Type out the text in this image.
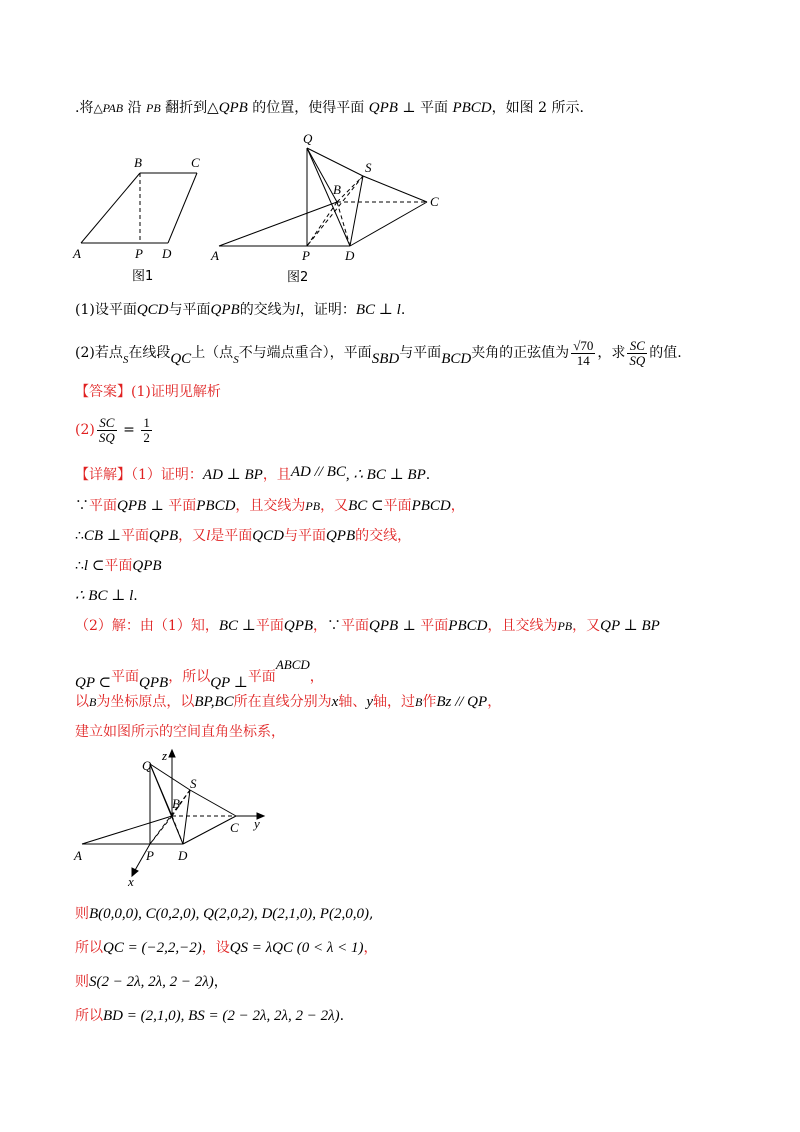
.将△PAB 沿 PB 翻折到△QPB 的位置，使得平面 QPB ⊥ 平面 PBCD，如图 2 所示.
A
B	C
P D
图1
Q
S
B
C
A	P	D
图2
(1)设平面QCD与平面QPB的交线为l，证明：BC ⊥ l.
(2)若点$_S$在线段QC上（点$_S$不与端点重合），平面SBD与平面BCD夹角的正弦值为 $\frac{√70}{14}$ ，求 $\frac{SC}{SQ}$ 的值.
【答案】(1)证明见解析
$(2) \frac{SC}{SQ} = \frac{1}{2}$
【详解】（1）证明：AD ⊥ BP，且AD // BC, ∴ BC ⊥ BP.
∵平面QPB ⊥ 平面PBCD，且交线为PB，又BC ⊂平面PBCD，
∴CB ⊥平面QPB，又l是平面QCD与平面QPB的交线，
∴l ⊂平面QPB
∴ BC ⊥ l.
（2）解：由（1）知，BC ⊥平面QPB，∵平面QPB ⊥ 平面PBCD，且交线为PB，又QP ⊥ BP
QP ⊂平面QPB，所以QP ⊥平面ABCD，
以B为坐标原点，以BP,BC所在直线分别为x轴、y轴，过B作Bz // QP，
建立如图所示的空间直角坐标系，
Q
S
B
C
A	P D
z
y
x
则B(0,0,0), C(0,2,0), Q(2,0,2), D(2,1,0), P(2,0,0),
所以QC = (−2,2,−2)，设QS = λQC (0 < λ < 1)，
则S(2 − 2λ, 2λ, 2 − 2λ)，
所以BD = (2,1,0), BS = (2 − 2λ, 2λ, 2 − 2λ).
